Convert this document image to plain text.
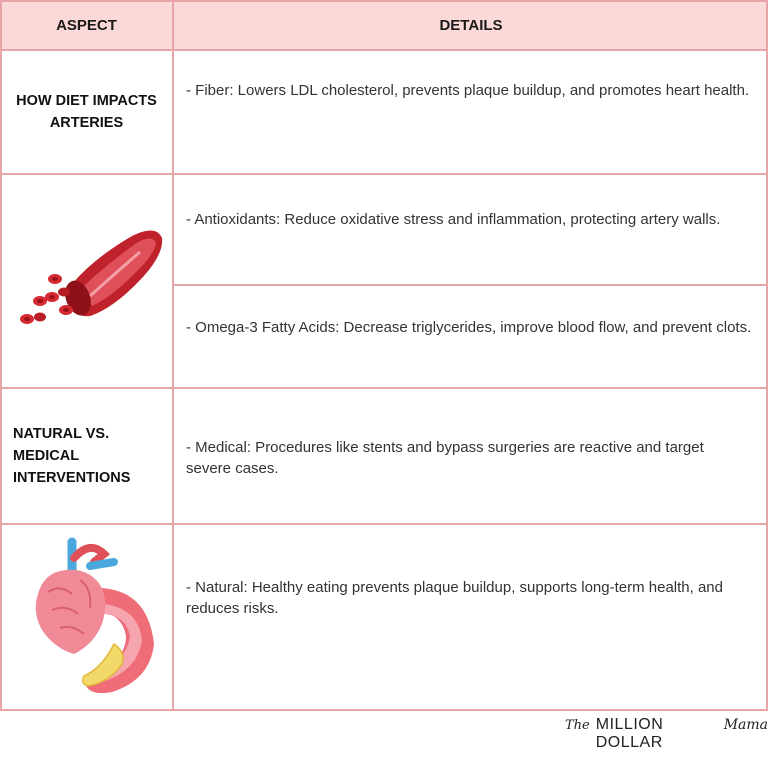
ASPECT	DETAILS
HOW DIET IMPACTS ARTERIES
- Fiber: Lowers LDL cholesterol, prevents plaque buildup, and promotes heart health.
- Antioxidants: Reduce oxidative stress and inflammation, protecting artery walls.
- Omega-3 Fatty Acids: Decrease triglycerides, improve blood flow, and prevent clots.
NATURAL VS. MEDICAL INTERVENTIONS
- Medical: Procedures like stents and bypass surgeries are reactive and target severe cases.
- Natural: Healthy eating prevents plaque buildup, supports long-term health, and reduces risks.
The MILLION DOLLAR
Mama
